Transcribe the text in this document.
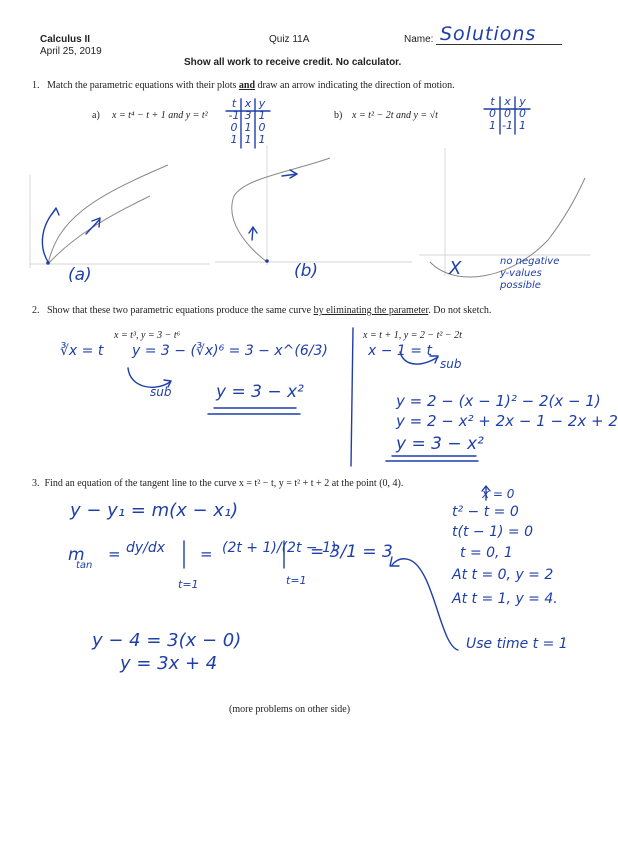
Calculus II
April 25, 2019
Quiz 11A	Name: Solutions
Show all work to receive credit. No calculator.
1. Match the parametric equations with their plots and draw an arrow indicating the direction of motion.
a) x = t⁴ − t + 1 and y = t²	b) x = t² − 2t and y = √t
t x y
-1 3 1
0 1 0
1 1 1
t x y
0 0 0
1 -1 1
(a)	(b)	X	no negative
y-values
possible
2. Show that these two parametric equations produce the same curve by eliminating the parameter. Do not sketch.
x = t³, y = 3 − t⁶
∛x = t y = 3 − (∛x)⁶ = 3 − x^(6/3)
sub	y = 3 − x²
x = t + 1, y = 2 − t² − 2t
x − 1 = t
sub
y = 2 − (x − 1)² − 2(x − 1)
y = 2 − x² + 2x − 1 − 2x + 2
y = 3 − x²
3. Find an equation of the tangent line to the curve x = t² − t, y = t² + t + 2 at the point (0, 4).
y − y₁ = m(x − x₁)
m
tan
= dy/dx = (2t + 1)/(2t − 1)
t=1	t=1
= 3/1 = 3
x = 0
t² − t = 0
t(t − 1) = 0
t = 0, 1
At t = 0, y = 2
At t = 1, y = 4.
Use time t = 1
y − 4 = 3(x − 0)
y = 3x + 4
(more problems on other side)
